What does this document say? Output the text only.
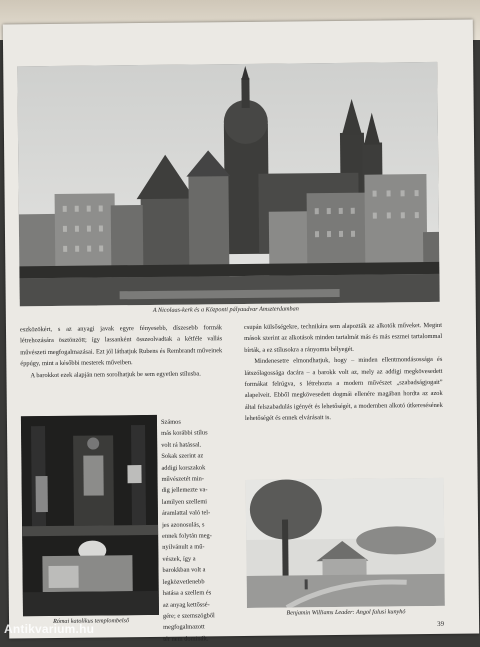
A Nicolaas-kerk és a Központi pályaudvar Amszterdamban

eszközökért, s az anyagi javak egyre fényesebb, díszesebb formák létrehozására ösztönzött; így lassanként összeolvadtak a kétféle vallás művészeti megfogalmazásai. Ezt jól láthatjuk Rubens és Rembrandt műveinek éppúgy, mint a későbbi mesterek műveiben.

A barokkot ezek alapján nem sorolhatjuk be sem egyetlen stílusba.

Római katolikus templombelső
Számos
más korábbi stílus
volt rá hatással.
Sokak szerint az
addigi korszakok
művészetét min-
dig jellemezte va-
lamilyen szellemi
áramlattal való tel-
jes azonosulás, s
ennek folytán meg-
nyilvánult a mű-
vészek, így a
barokkban volt a
legközvetlenebb
hatása a szellem és
az anyag kettőssé-
gére; e szemszögből
megfogalmazott
tér nem dominált.

csupán külsőségekre, technikára sem alapozták az alkotók műveket. Megint mások szerint az alkotások minden tartalmát más és más eszmei tartalommal bírták, a ez stílusokra a rányomta bélyegét.

Mindenesetre elmondhatjuk, hogy – minden ellentmondásossága és látszólagossága dacára – a barokk volt az, mely az addigi megkövesedett formákat felrúgva, s létrehozta a modern művészet „szabadságjogait” alapelveit. Ebből megkövesedett dogmái ellenére magában hordta az azok által felszabadulás igényét és lehetőségét, a modernben alkotó útkeresésének lehetőségét és ennek elvárásait is.

Benjamin Williams Leader: Angol falusi kunyhó
39
Antikvarium.hu
